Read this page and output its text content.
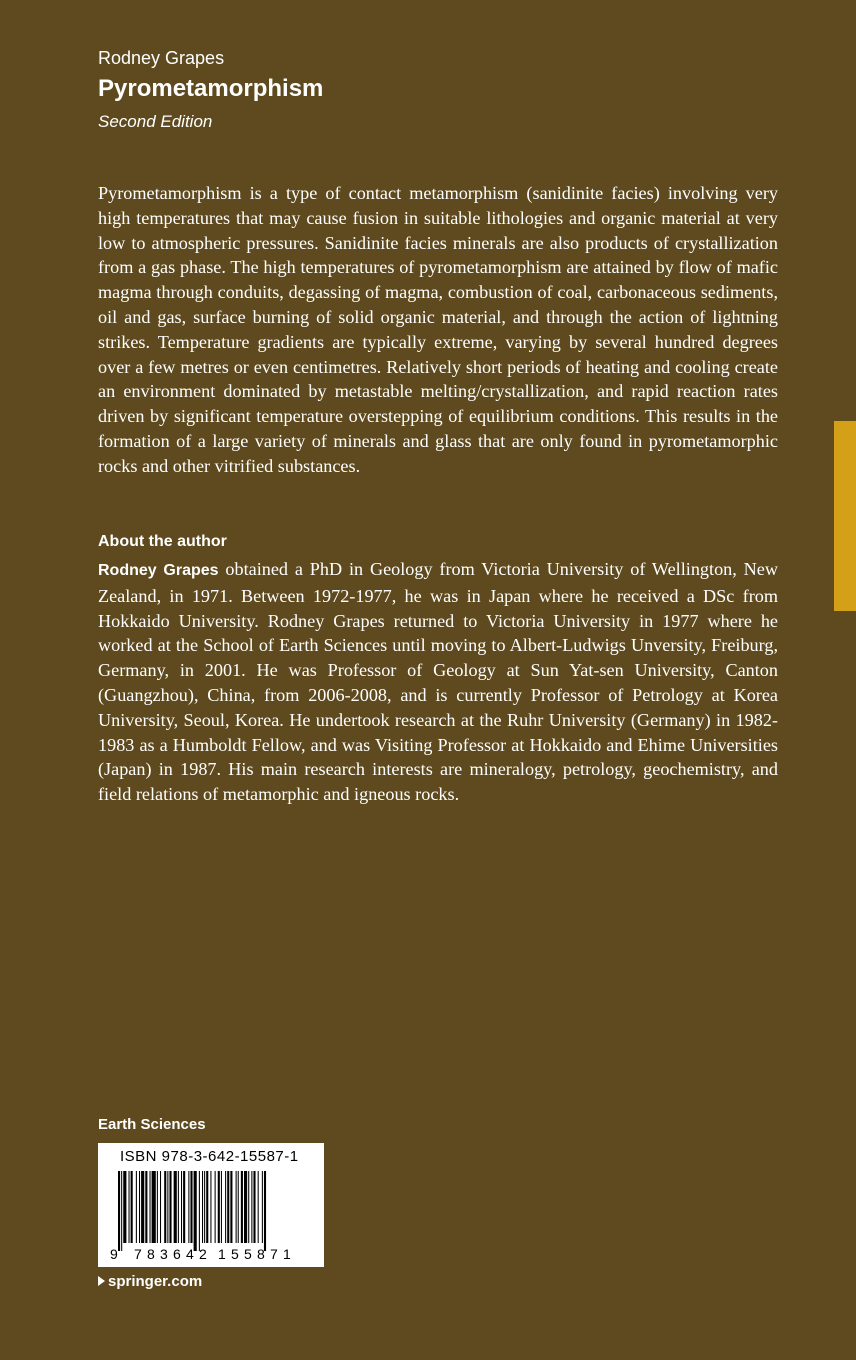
Rodney Grapes
Pyrometamorphism
Second Edition

Pyrometamorphism is a type of contact metamorphism (sanidinite facies) involving very high temperatures that may cause fusion in suitable lithologies and organic material at very low to atmospheric pressures. Sanidinite facies minerals are also products of crystallization from a gas phase. The high temperatures of pyrometamorphism are attained by flow of mafic magma through conduits, degassing of magma, combustion of coal, carbonaceous sediments, oil and gas, surface burning of solid organic material, and through the action of lightning strikes. Temperature gradients are typically extreme, varying by several hundred degrees over a few metres or even centimetres. Relatively short periods of heating and cooling create an environment dominated by metastable melting/crystallization, and rapid reaction rates driven by significant temperature overstepping of equilibrium conditions. This results in the formation of a large variety of minerals and glass that are only found in pyrometamorphic rocks and other vitrified substances.

About the author

Rodney Grapes obtained a PhD in Geology from Victoria University of Wellington, New Zealand, in 1971. Between 1972-1977, he was in Japan where he received a DSc from Hokkaido University. Rodney Grapes returned to Victoria University in 1977 where he worked at the School of Earth Sciences until moving to Albert-Ludwigs Unversity, Freiburg, Germany, in 2001. He was Professor of Geology at Sun Yat-sen University, Canton (Guangzhou), China, from 2006-2008, and is currently Professor of Petrology at Korea University, Seoul, Korea. He undertook research at the Ruhr University (Germany) in 1982-1983 as a Humboldt Fellow, and was Visiting Professor at Hokkaido and Ehime Universities (Japan) in 1987. His main research interests are mineralogy, petrology, geochemistry, and field relations of metamorphic and igneous rocks.

Earth Sciences
ISBN 978-3-642-15587-1
9 7 8 3 6 4 2 1 5 5 8 7 1
springer.com
